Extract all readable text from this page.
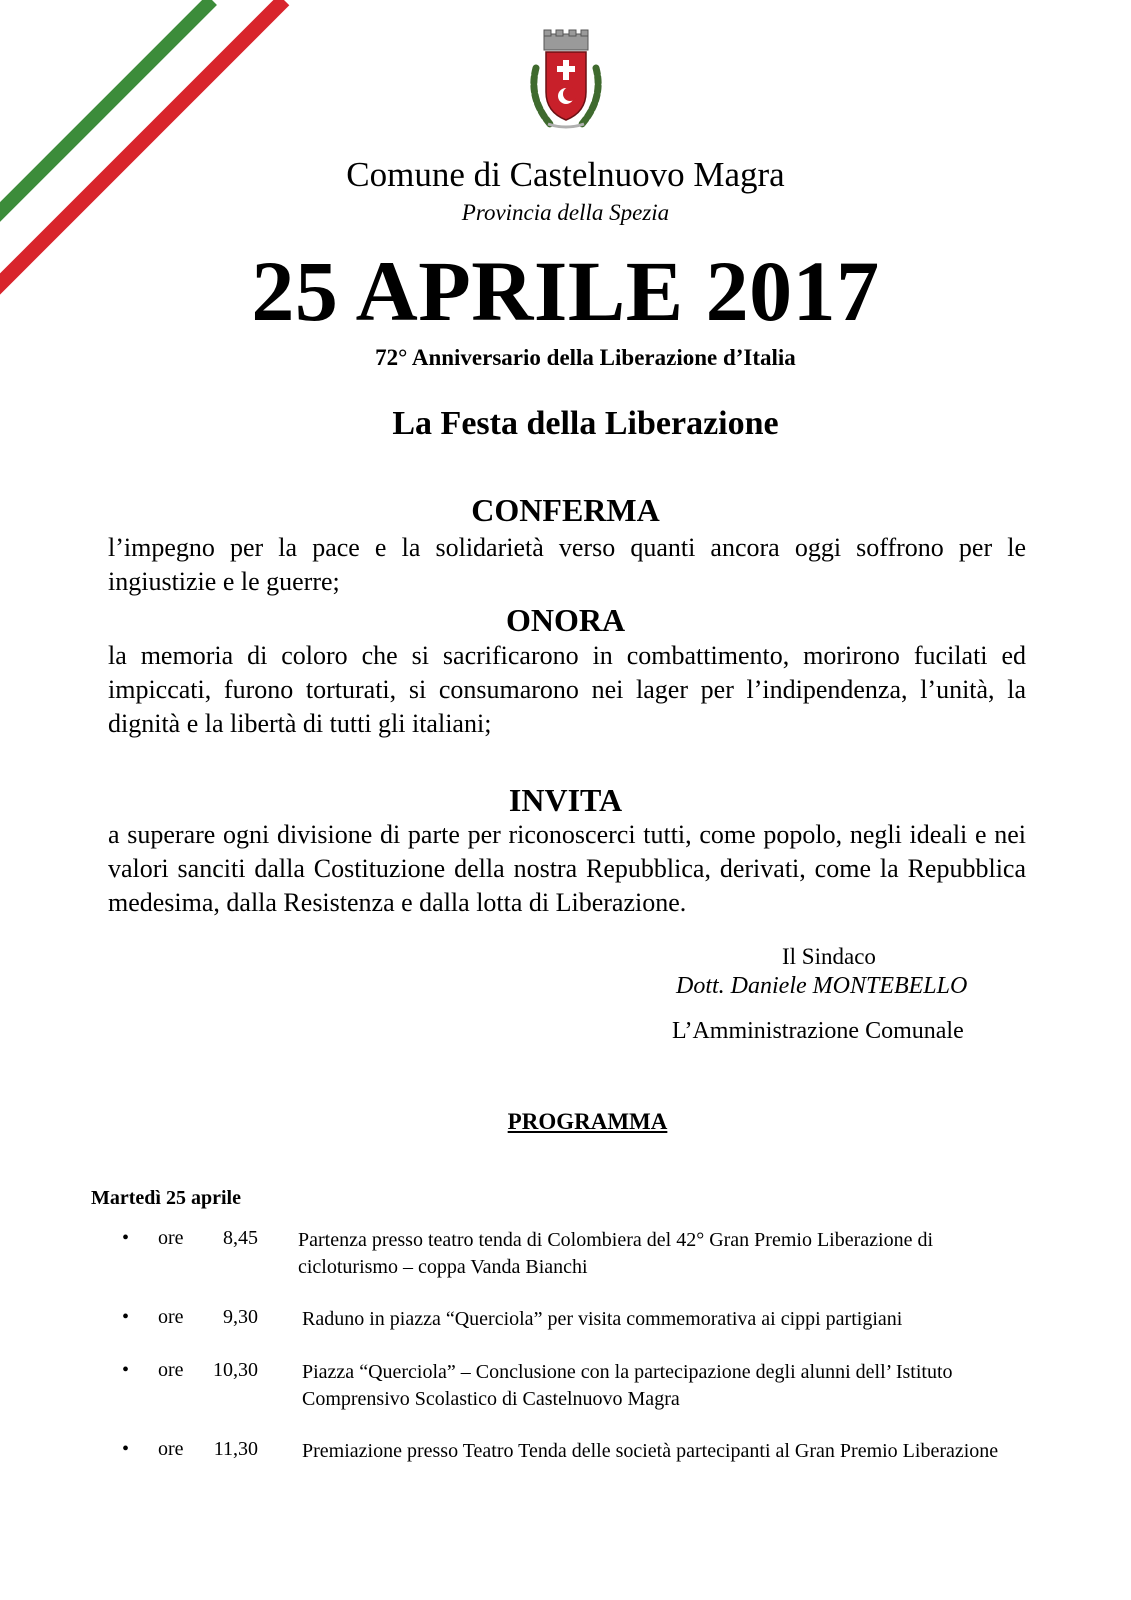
Comune di Castelnuovo Magra
Provincia della Spezia
25 APRILE 2017
72° Anniversario della Liberazione d’Italia
La Festa della Liberazione
CONFERMA
l’impegno per la pace e la solidarietà verso quanti ancora oggi soffrono per le ingiustizie e le guerre;
ONORA
la memoria di coloro che si sacrificarono in combattimento, morirono fucilati ed impiccati, furono torturati, si consumarono nei lager per l’indipendenza, l’unità, la dignità e la libertà di tutti gli italiani;
INVITA
a superare ogni divisione di parte per riconoscerci tutti, come popolo, negli ideali e nei valori sanciti dalla Costituzione della nostra Repubblica, derivati, come la Repubblica medesima, dalla Resistenza e dalla lotta di Liberazione.
Il Sindaco
Dott. Daniele MONTEBELLO
L’Amministrazione Comunale
PROGRAMMA
Martedì 25 aprile
• ore	8,45 Partenza presso teatro tenda di Colombiera del 42° Gran Premio Liberazione di cicloturismo – coppa Vanda Bianchi
• ore	9,30 Raduno in piazza “Querciola” per visita commemorativa ai cippi partigiani
• ore	10,30 Piazza “Querciola” – Conclusione con la partecipazione degli alunni dell’ Istituto Comprensivo Scolastico di Castelnuovo Magra
• ore	11,30 Premiazione presso Teatro Tenda delle società partecipanti al Gran Premio Liberazione
